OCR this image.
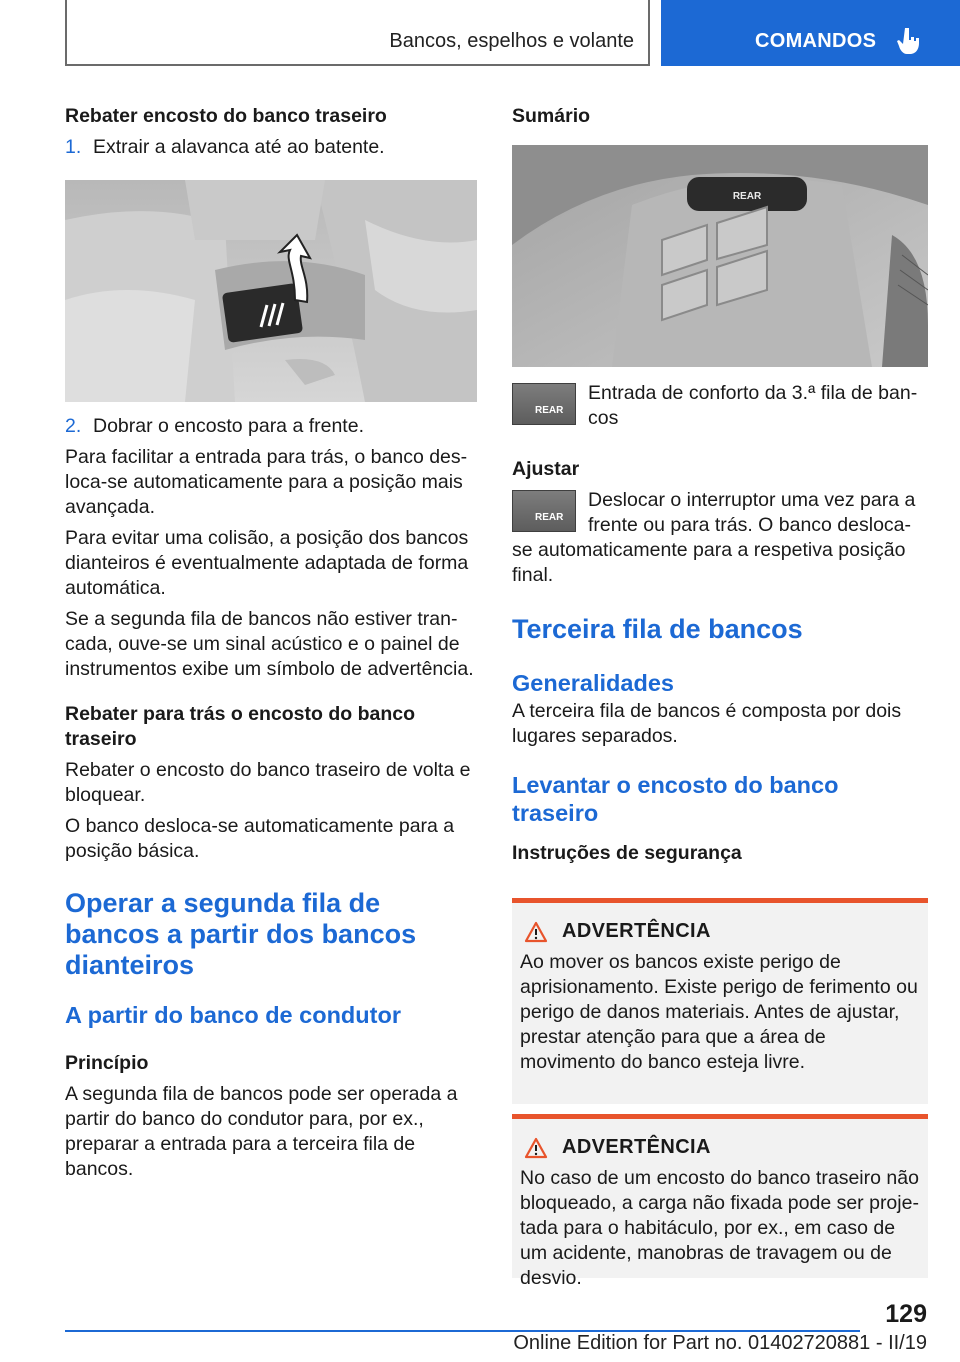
Bancos, espelhos e volante	COMANDOS
Rebater encosto do banco traseiro
1. Extrair a alavanca até ao batente.
2. Dobrar o encosto para a frente.

Para facilitar a entrada para trás, o banco desloca-se automaticamente para a posição mais avançada.

Para evitar uma colisão, a posição dos bancos dianteiros é eventualmente adaptada de forma automática.

Se a segunda fila de bancos não estiver trancada, ouve-se um sinal acústico e o painel de instrumentos exibe um símbolo de advertência.

Rebater para trás o encosto do banco traseiro

Rebater o encosto do banco traseiro de volta e bloquear.

O banco desloca-se automaticamente para a posição básica.

Operar a segunda fila de bancos a partir dos bancos dianteiros
A partir do banco de condutor
Princípio

A segunda fila de bancos pode ser operada a partir do banco do condutor para, por ex., preparar a entrada para a terceira fila de bancos.

Sumário
REAR
REAR
Entrada de conforto da 3.ª fila de bancos
Ajustar
REAR
Deslocar o interruptor uma vez para a frente ou para trás. O banco desloca-se automaticamente para a respetiva posição final.
Terceira fila de bancos
Generalidades

A terceira fila de bancos é composta por dois lugares separados.

Levantar o encosto do banco traseiro
Instruções de segurança
ADVERTÊNCIA
Ao mover os bancos existe perigo de aprisionamento. Existe perigo de ferimento ou perigo de danos materiais. Antes de ajustar, prestar atenção para que a área de movimento do banco esteja livre.
ADVERTÊNCIA
No caso de um encosto do banco traseiro não bloqueado, a carga não fixada pode ser projetada para o habitáculo, por ex., em caso de um acidente, manobras de travagem ou de desvio.
129
Online Edition for Part no. 01402720881 - II/19
